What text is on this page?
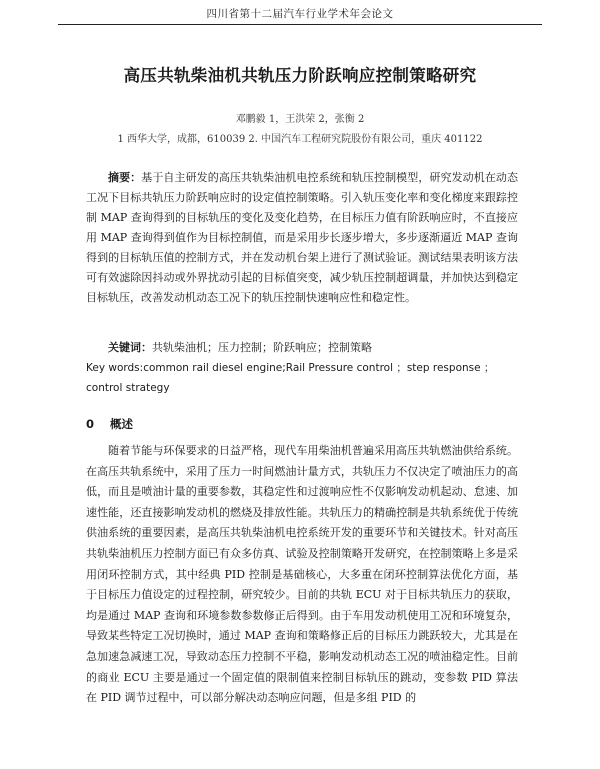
四川省第十二届汽车行业学术年会论文
高压共轨柴油机共轨压力阶跃响应控制策略研究
邓鹏毅 1，王洪荣 2，张衡 2
1 西华大学，成都，610039 2. 中国汽车工程研究院股份有限公司，重庆 401122
摘要：基于自主研发的高压共轨柴油机电控系统和轨压控制模型，研究发动机在动态工况下目标共轨压力阶跃响应时的设定值控制策略。引入轨压变化率和变化梯度来跟踪控制 MAP 查询得到的目标轨压的变化及变化趋势，在目标压力值有阶跃响应时，不直接应用 MAP 查询得到值作为目标控制值，而是采用步长逐步增大，多步逐渐逼近 MAP 查询得到的目标轨压值的控制方式，并在发动机台架上进行了测试验证。测试结果表明该方法可有效滤除因抖动或外界扰动引起的目标值突变，减少轨压控制超调量，并加快达到稳定目标轨压，改善发动机动态工况下的轨压控制快速响应性和稳定性。
关键词：共轨柴油机；压力控制；阶跃响应；控制策略
Key words:common rail diesel engine;Rail Pressure control ；step response ；control strategy
0 概述
随着节能与环保要求的日益严格，现代车用柴油机普遍采用高压共轨燃油供给系统。在高压共轨系统中，采用了压力一时间燃油计量方式，共轨压力不仅决定了喷油压力的高低，而且是喷油计量的重要参数，其稳定性和过渡响应性不仅影响发动机起动、怠速、加速性能，还直接影响发动机的燃烧及排放性能。共轨压力的精确控制是共轨系统优于传统供油系统的重要因素，是高压共轨柴油机电控系统开发的重要环节和关键技术。针对高压共轨柴油机压力控制方面已有众多仿真、试验及控制策略开发研究，在控制策略上多是采用闭环控制方式，其中经典 PID 控制是基础核心，大多重在闭环控制算法优化方面，基于目标压力值设定的过程控制，研究较少。目前的共轨 ECU 对于目标共轨压力的获取，均是通过 MAP 查询和环境参数参数修正后得到。由于车用发动机使用工况和环境复杂，导致某些特定工况切换时，通过 MAP 查询和策略修正后的目标压力跳跃较大，尤其是在急加速急减速工况，导致动态压力控制不平稳，影响发动机动态工况的喷油稳定性。目前的商业 ECU 主要是通过一个固定值的限制值来控制目标轨压的跳动，变参数 PID 算法在 PID 调节过程中，可以部分解决动态响应问题，但是多组 PID 的
